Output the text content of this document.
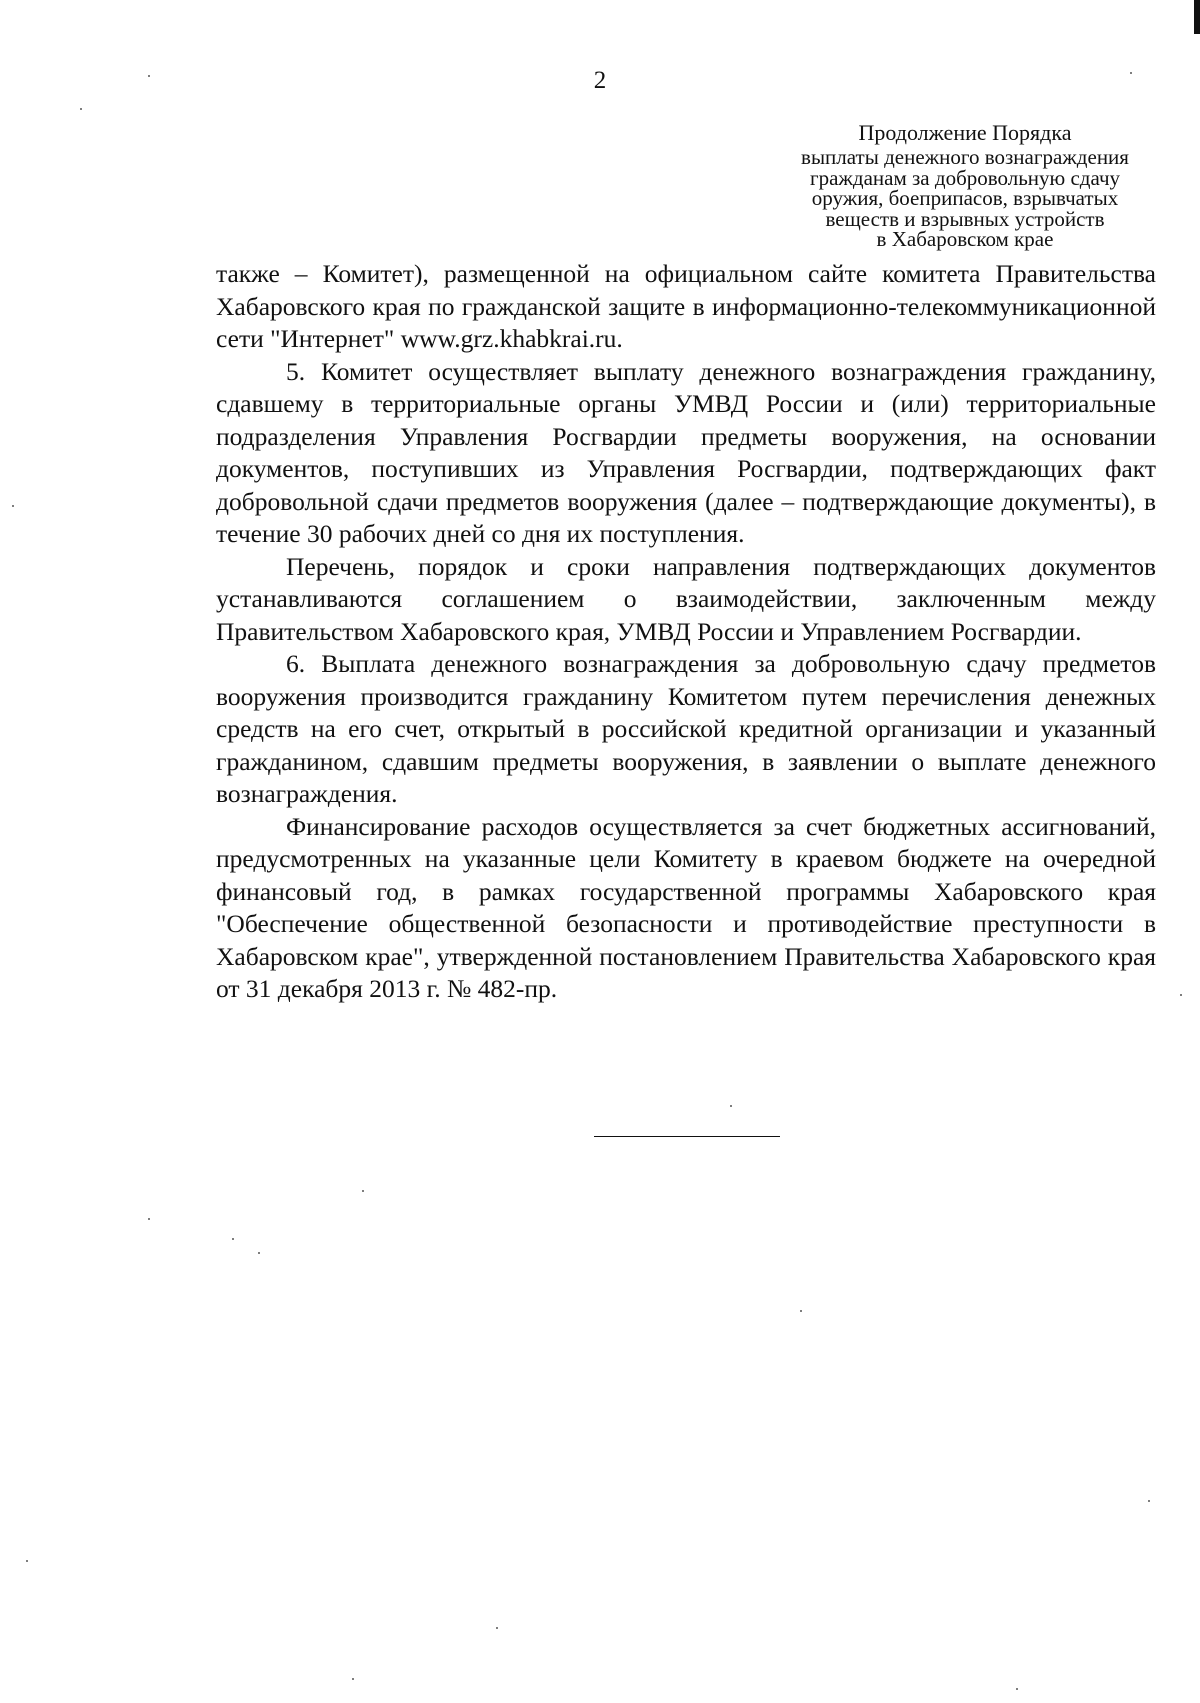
2
Продолжение Порядка
выплаты денежного вознаграждения
гражданам за добровольную сдачу
оружия, боеприпасов, взрывчатых
веществ и взрывных устройств
в Хабаровском крае

также – Комитет), размещенной на официальном сайте комитета Правительства Хабаровского края по гражданской защите в информационно-телекоммуникационной сети "Интернет" www.grz.khabkrai.ru.

5. Комитет осуществляет выплату денежного вознаграждения гражданину, сдавшему в территориальные органы УМВД России и (или) территориальные подразделения Управления Росгвардии предметы вооружения, на основании документов, поступивших из Управления Росгвардии, подтверждающих факт добровольной сдачи предметов вооружения (далее – подтверждающие документы), в течение 30 рабочих дней со дня их поступления.

Перечень, порядок и сроки направления подтверждающих документов устанавливаются соглашением о взаимодействии, заключенным между Правительством Хабаровского края, УМВД России и Управлением Росгвардии.

6. Выплата денежного вознаграждения за добровольную сдачу предметов вооружения производится гражданину Комитетом путем перечисления денежных средств на его счет, открытый в российской кредитной организации и указанный гражданином, сдавшим предметы вооружения, в заявлении о выплате денежного вознаграждения.

Финансирование расходов осуществляется за счет бюджетных ассигнований, предусмотренных на указанные цели Комитету в краевом бюджете на очередной финансовый год, в рамках государственной программы Хабаровского края "Обеспечение общественной безопасности и противодействие преступности в Хабаровском крае", утвержденной постановлением Правительства Хабаровского края от 31 декабря 2013 г. № 482-пр.
